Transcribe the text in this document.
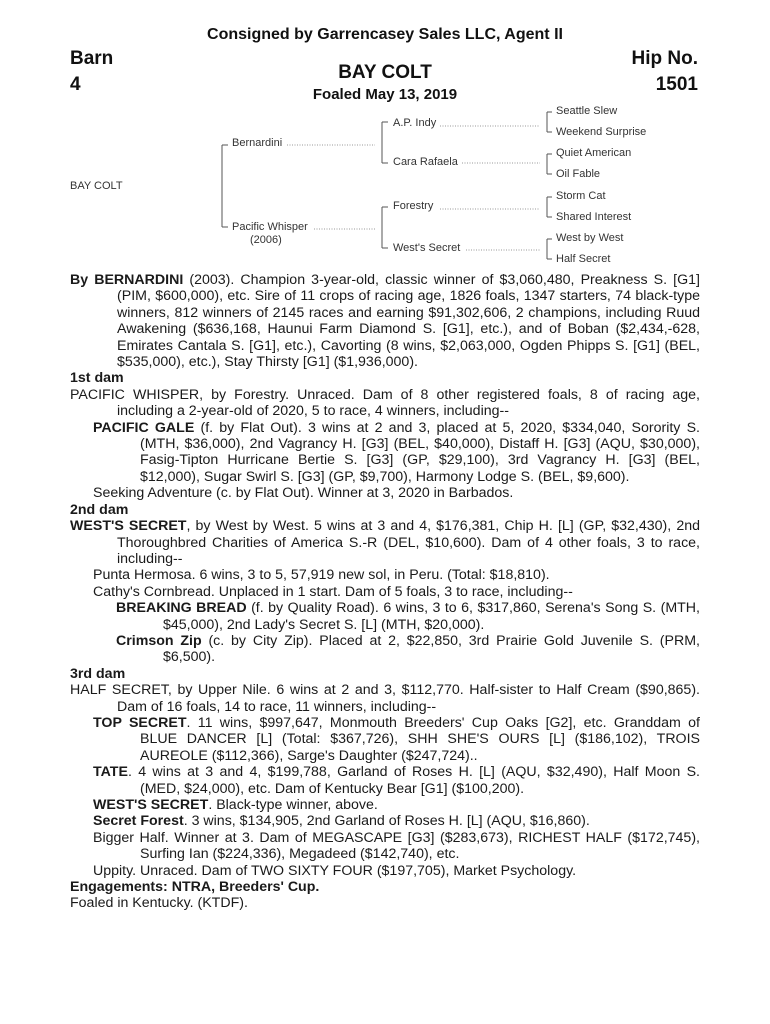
Consigned by Garrencasey Sales LLC, Agent II
Barn
4
Hip No.
1501
BAY COLT
Foaled May 13, 2019
BAY COLT
Bernardini
Pacific Whisper
(2006)
A.P. Indy
Cara Rafaela
Forestry
West's Secret
Seattle Slew
Weekend Surprise
Quiet American
Oil Fable
Storm Cat
Shared Interest
West by West
Half Secret

By BERNARDINI (2003). Champion 3-year-old, classic winner of $3,060,480, Preakness S. [G1] (PIM, $600,000), etc. Sire of 11 crops of racing age, 1826 foals, 1347 starters, 74 black-type winners, 812 winners of 2145 races and earning $91,302,606, 2 champions, including Ruud Awakening ($636,168, Haunui Farm Diamond S. [G1], etc.), and of Boban ($2,434,-628, Emirates Cantala S. [G1], etc.), Cavorting (8 wins, $2,063,000, Ogden Phipps S. [G1] (BEL, $535,000), etc.), Stay Thirsty [G1] ($1,936,000).

1st dam

PACIFIC WHISPER, by Forestry. Unraced. Dam of 8 other registered foals, 8 of racing age, including a 2-year-old of 2020, 5 to race, 4 winners, including--

PACIFIC GALE (f. by Flat Out). 3 wins at 2 and 3, placed at 5, 2020, $334,040, Sorority S. (MTH, $36,000), 2nd Vagrancy H. [G3] (BEL, $40,000), Distaff H. [G3] (AQU, $30,000), Fasig-Tipton Hurricane Bertie S. [G3] (GP, $29,100), 3rd Vagrancy H. [G3] (BEL, $12,000), Sugar Swirl S. [G3] (GP, $9,700), Harmony Lodge S. (BEL, $9,600).

Seeking Adventure (c. by Flat Out). Winner at 3, 2020 in Barbados.

2nd dam

WEST'S SECRET, by West by West. 5 wins at 3 and 4, $176,381, Chip H. [L] (GP, $32,430), 2nd Thoroughbred Charities of America S.-R (DEL, $10,600). Dam of 4 other foals, 3 to race, including--

Punta Hermosa. 6 wins, 3 to 5, 57,919 new sol, in Peru. (Total: $18,810).

Cathy's Cornbread. Unplaced in 1 start. Dam of 5 foals, 3 to race, including--

BREAKING BREAD (f. by Quality Road). 6 wins, 3 to 6, $317,860, Serena's Song S. (MTH, $45,000), 2nd Lady's Secret S. [L] (MTH, $20,000).

Crimson Zip (c. by City Zip). Placed at 2, $22,850, 3rd Prairie Gold Juvenile S. (PRM, $6,500).

3rd dam

HALF SECRET, by Upper Nile. 6 wins at 2 and 3, $112,770. Half-sister to Half Cream ($90,865). Dam of 16 foals, 14 to race, 11 winners, including--

TOP SECRET. 11 wins, $997,647, Monmouth Breeders' Cup Oaks [G2], etc. Granddam of BLUE DANCER [L] (Total: $367,726), SHH SHE'S OURS [L] ($186,102), TROIS AUREOLE ($112,366), Sarge's Daughter ($247,724)..

TATE. 4 wins at 3 and 4, $199,788, Garland of Roses H. [L] (AQU, $32,490), Half Moon S. (MED, $24,000), etc. Dam of Kentucky Bear [G1] ($100,200).

WEST'S SECRET. Black-type winner, above.

Secret Forest. 3 wins, $134,905, 2nd Garland of Roses H. [L] (AQU, $16,860).

Bigger Half. Winner at 3. Dam of MEGASCAPE [G3] ($283,673), RICHEST HALF ($172,745), Surfing Ian ($224,336), Megadeed ($142,740), etc.

Uppity. Unraced. Dam of TWO SIXTY FOUR ($197,705), Market Psychology.

Engagements: NTRA, Breeders' Cup.

Foaled in Kentucky. (KTDF).
